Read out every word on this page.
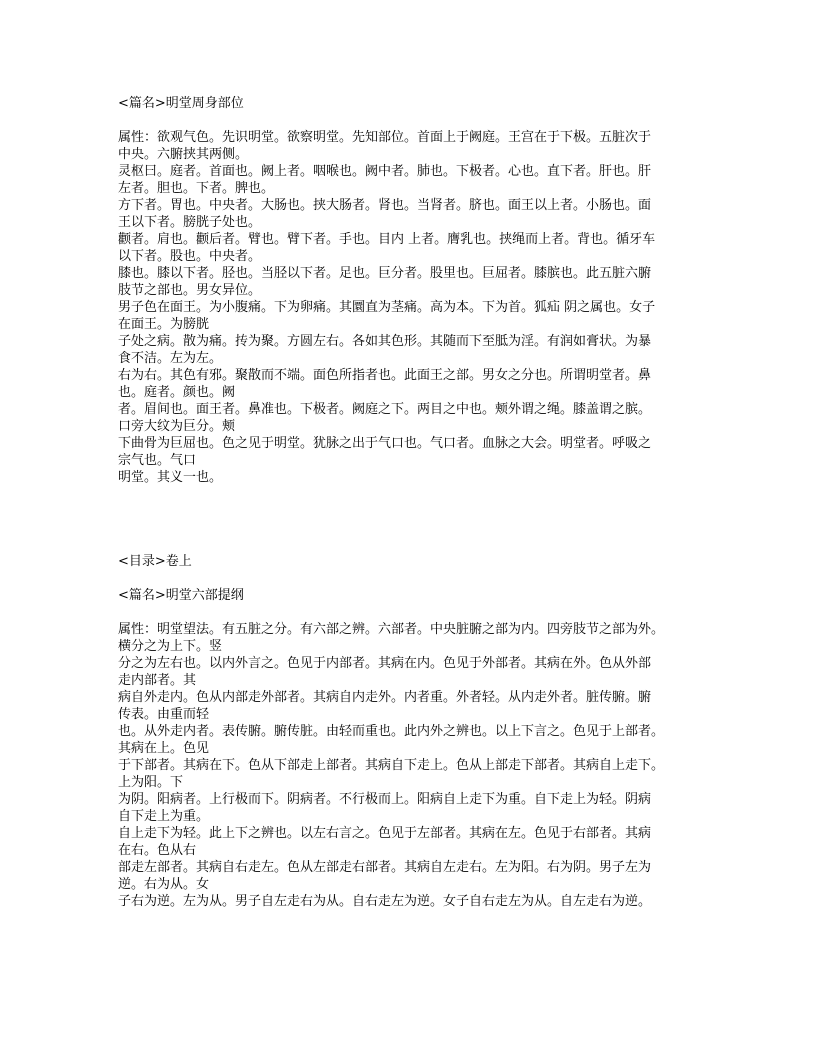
<篇名>明堂周身部位
属性：欲观气色。先识明堂。欲察明堂。先知部位。首面上于阙庭。王宫在于下极。五脏次于
中央。六腑挟其两侧。
灵枢曰。庭者。首面也。阙上者。咽喉也。阙中者。肺也。下极者。心也。直下者。肝也。肝
左者。胆也。下者。脾也。
方下者。胃也。中央者。大肠也。挟大肠者。肾也。当肾者。脐也。面王以上者。小肠也。面
王以下者。膀胱子处也。
颧者。肩也。颧后者。臂也。臂下者。手也。目内 上者。膺乳也。挟绳而上者。背也。循牙车
以下者。股也。中央者。
膝也。膝以下者。胫也。当胫以下者。足也。巨分者。股里也。巨屈者。膝膑也。此五脏六腑
肢节之部也。男女异位。
男子色在面王。为小腹痛。下为卵痛。其圜直为茎痛。高为本。下为首。狐疝 阴之属也。女子
在面王。为膀胱
子处之病。散为痛。抟为聚。方圆左右。各如其色形。其随而下至胝为淫。有润如膏状。为暴
食不洁。左为左。
右为右。其色有邪。聚散而不端。面色所指者也。此面王之部。男女之分也。所谓明堂者。鼻
也。庭者。颜也。阙
者。眉间也。面王者。鼻准也。下极者。阙庭之下。两目之中也。颊外谓之绳。膝盖谓之膑。
口旁大纹为巨分。颊
下曲骨为巨屈也。色之见于明堂。犹脉之出于气口也。气口者。血脉之大会。明堂者。呼吸之
宗气也。气口
明堂。其义一也。
<目录>卷上
<篇名>明堂六部提纲
属性：明堂望法。有五脏之分。有六部之辨。六部者。中央脏腑之部为内。四旁肢节之部为外。
横分之为上下。竖
分之为左右也。以内外言之。色见于内部者。其病在内。色见于外部者。其病在外。色从外部
走内部者。其
病自外走内。色从内部走外部者。其病自内走外。内者重。外者轻。从内走外者。脏传腑。腑
传表。由重而轻
也。从外走内者。表传腑。腑传脏。由轻而重也。此内外之辨也。以上下言之。色见于上部者。
其病在上。色见
于下部者。其病在下。色从下部走上部者。其病自下走上。色从上部走下部者。其病自上走下。
上为阳。下
为阴。阳病者。上行极而下。阴病者。不行极而上。阳病自上走下为重。自下走上为轻。阴病
自下走上为重。
自上走下为轻。此上下之辨也。以左右言之。色见于左部者。其病在左。色见于右部者。其病
在右。色从右
部走左部者。其病自右走左。色从左部走右部者。其病自左走右。左为阳。右为阴。男子左为
逆。右为从。女
子右为逆。左为从。男子自左走右为从。自右走左为逆。女子自右走左为从。自左走右为逆。
